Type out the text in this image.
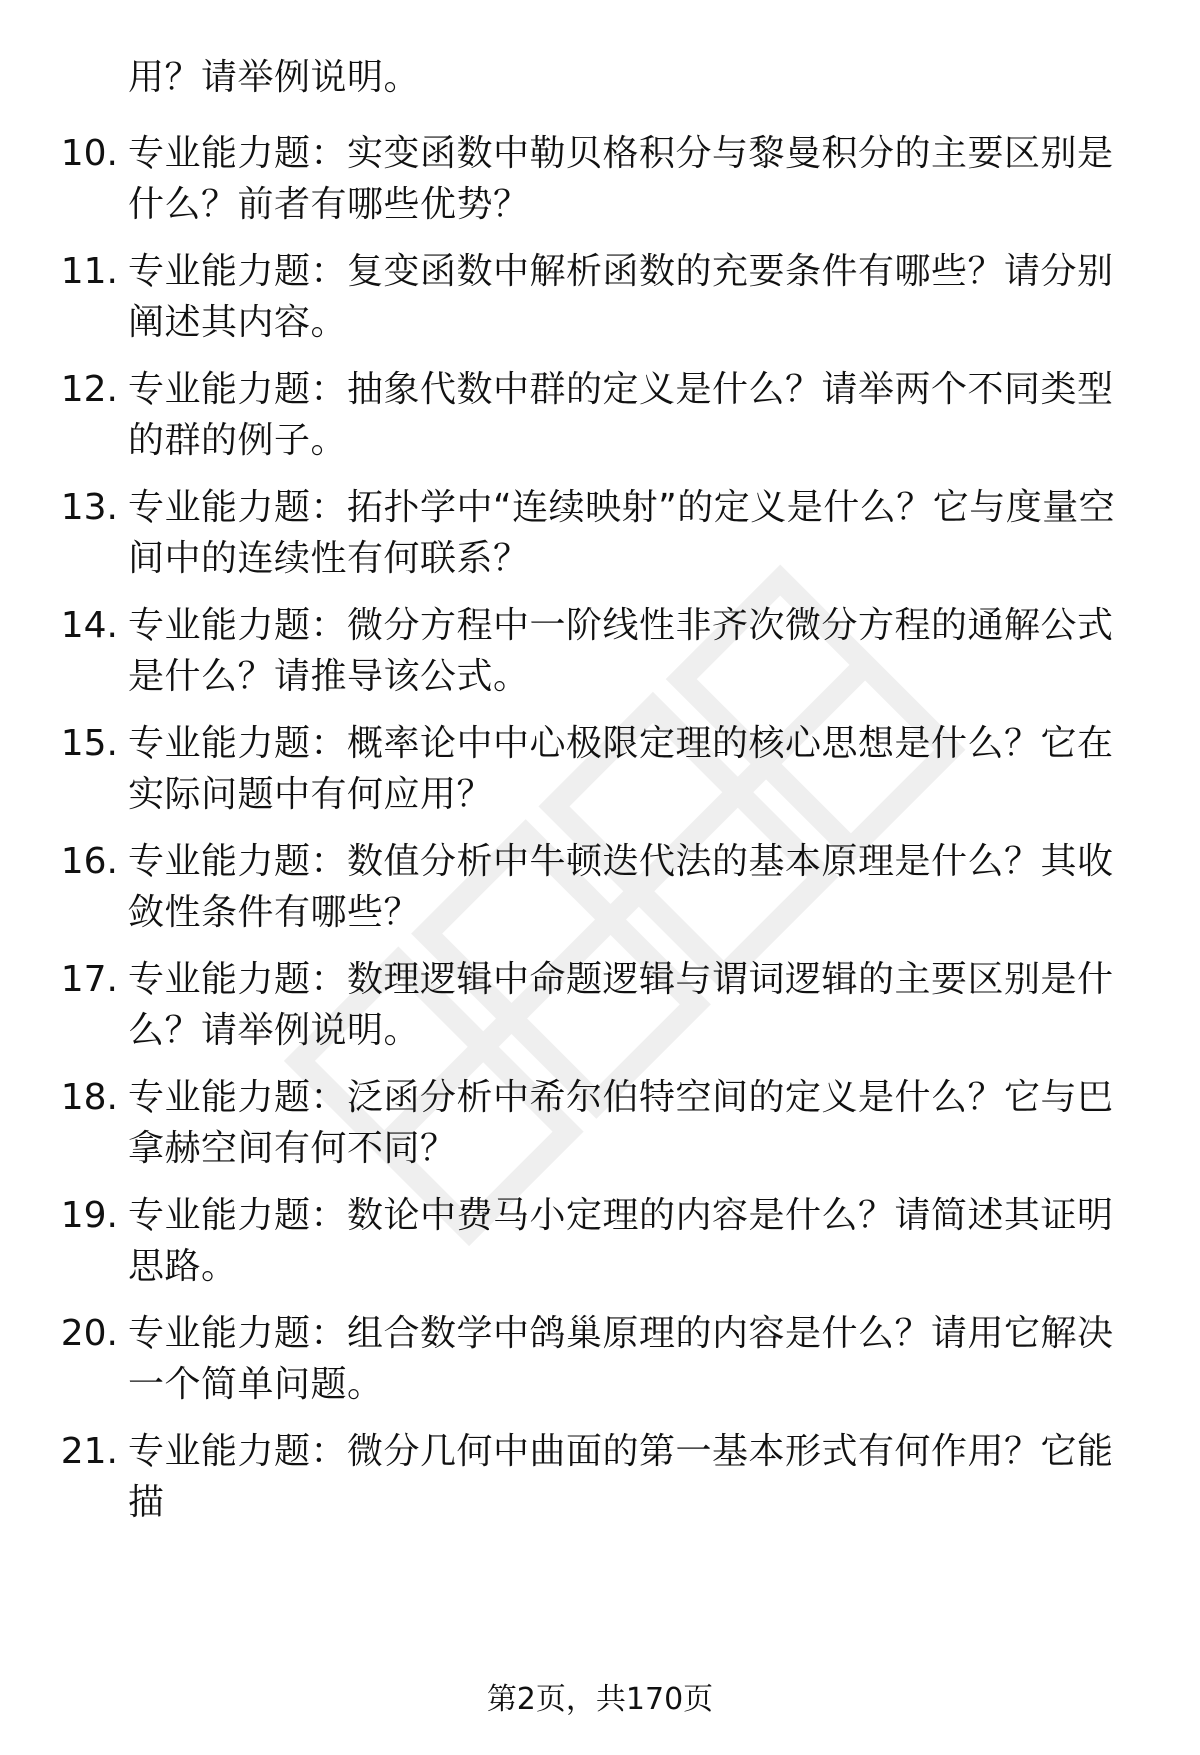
用？请举例说明。
10. 专业能力题：实变函数中勒贝格积分与黎曼积分的主要区别是什么？前者有哪些优势？
11. 专业能力题：复变函数中解析函数的充要条件有哪些？请分别阐述其内容。
12. 专业能力题：抽象代数中群的定义是什么？请举两个不同类型的群的例子。
13. 专业能力题：拓扑学中“连续映射”的定义是什么？它与度量空间中的连续性有何联系？
14. 专业能力题：微分方程中一阶线性非齐次微分方程的通解公式是什么？请推导该公式。
15. 专业能力题：概率论中中心极限定理的核心思想是什么？它在实际问题中有何应用？
16. 专业能力题：数值分析中牛顿迭代法的基本原理是什么？其收敛性条件有哪些？
17. 专业能力题：数理逻辑中命题逻辑与谓词逻辑的主要区别是什么？请举例说明。
18. 专业能力题：泛函分析中希尔伯特空间的定义是什么？它与巴拿赫空间有何不同？
19. 专业能力题：数论中费马小定理的内容是什么？请简述其证明思路。
20. 专业能力题：组合数学中鸽巢原理的内容是什么？请用它解决一个简单问题。
21. 专业能力题：微分几何中曲面的第一基本形式有何作用？它能描
第2页，共170页
